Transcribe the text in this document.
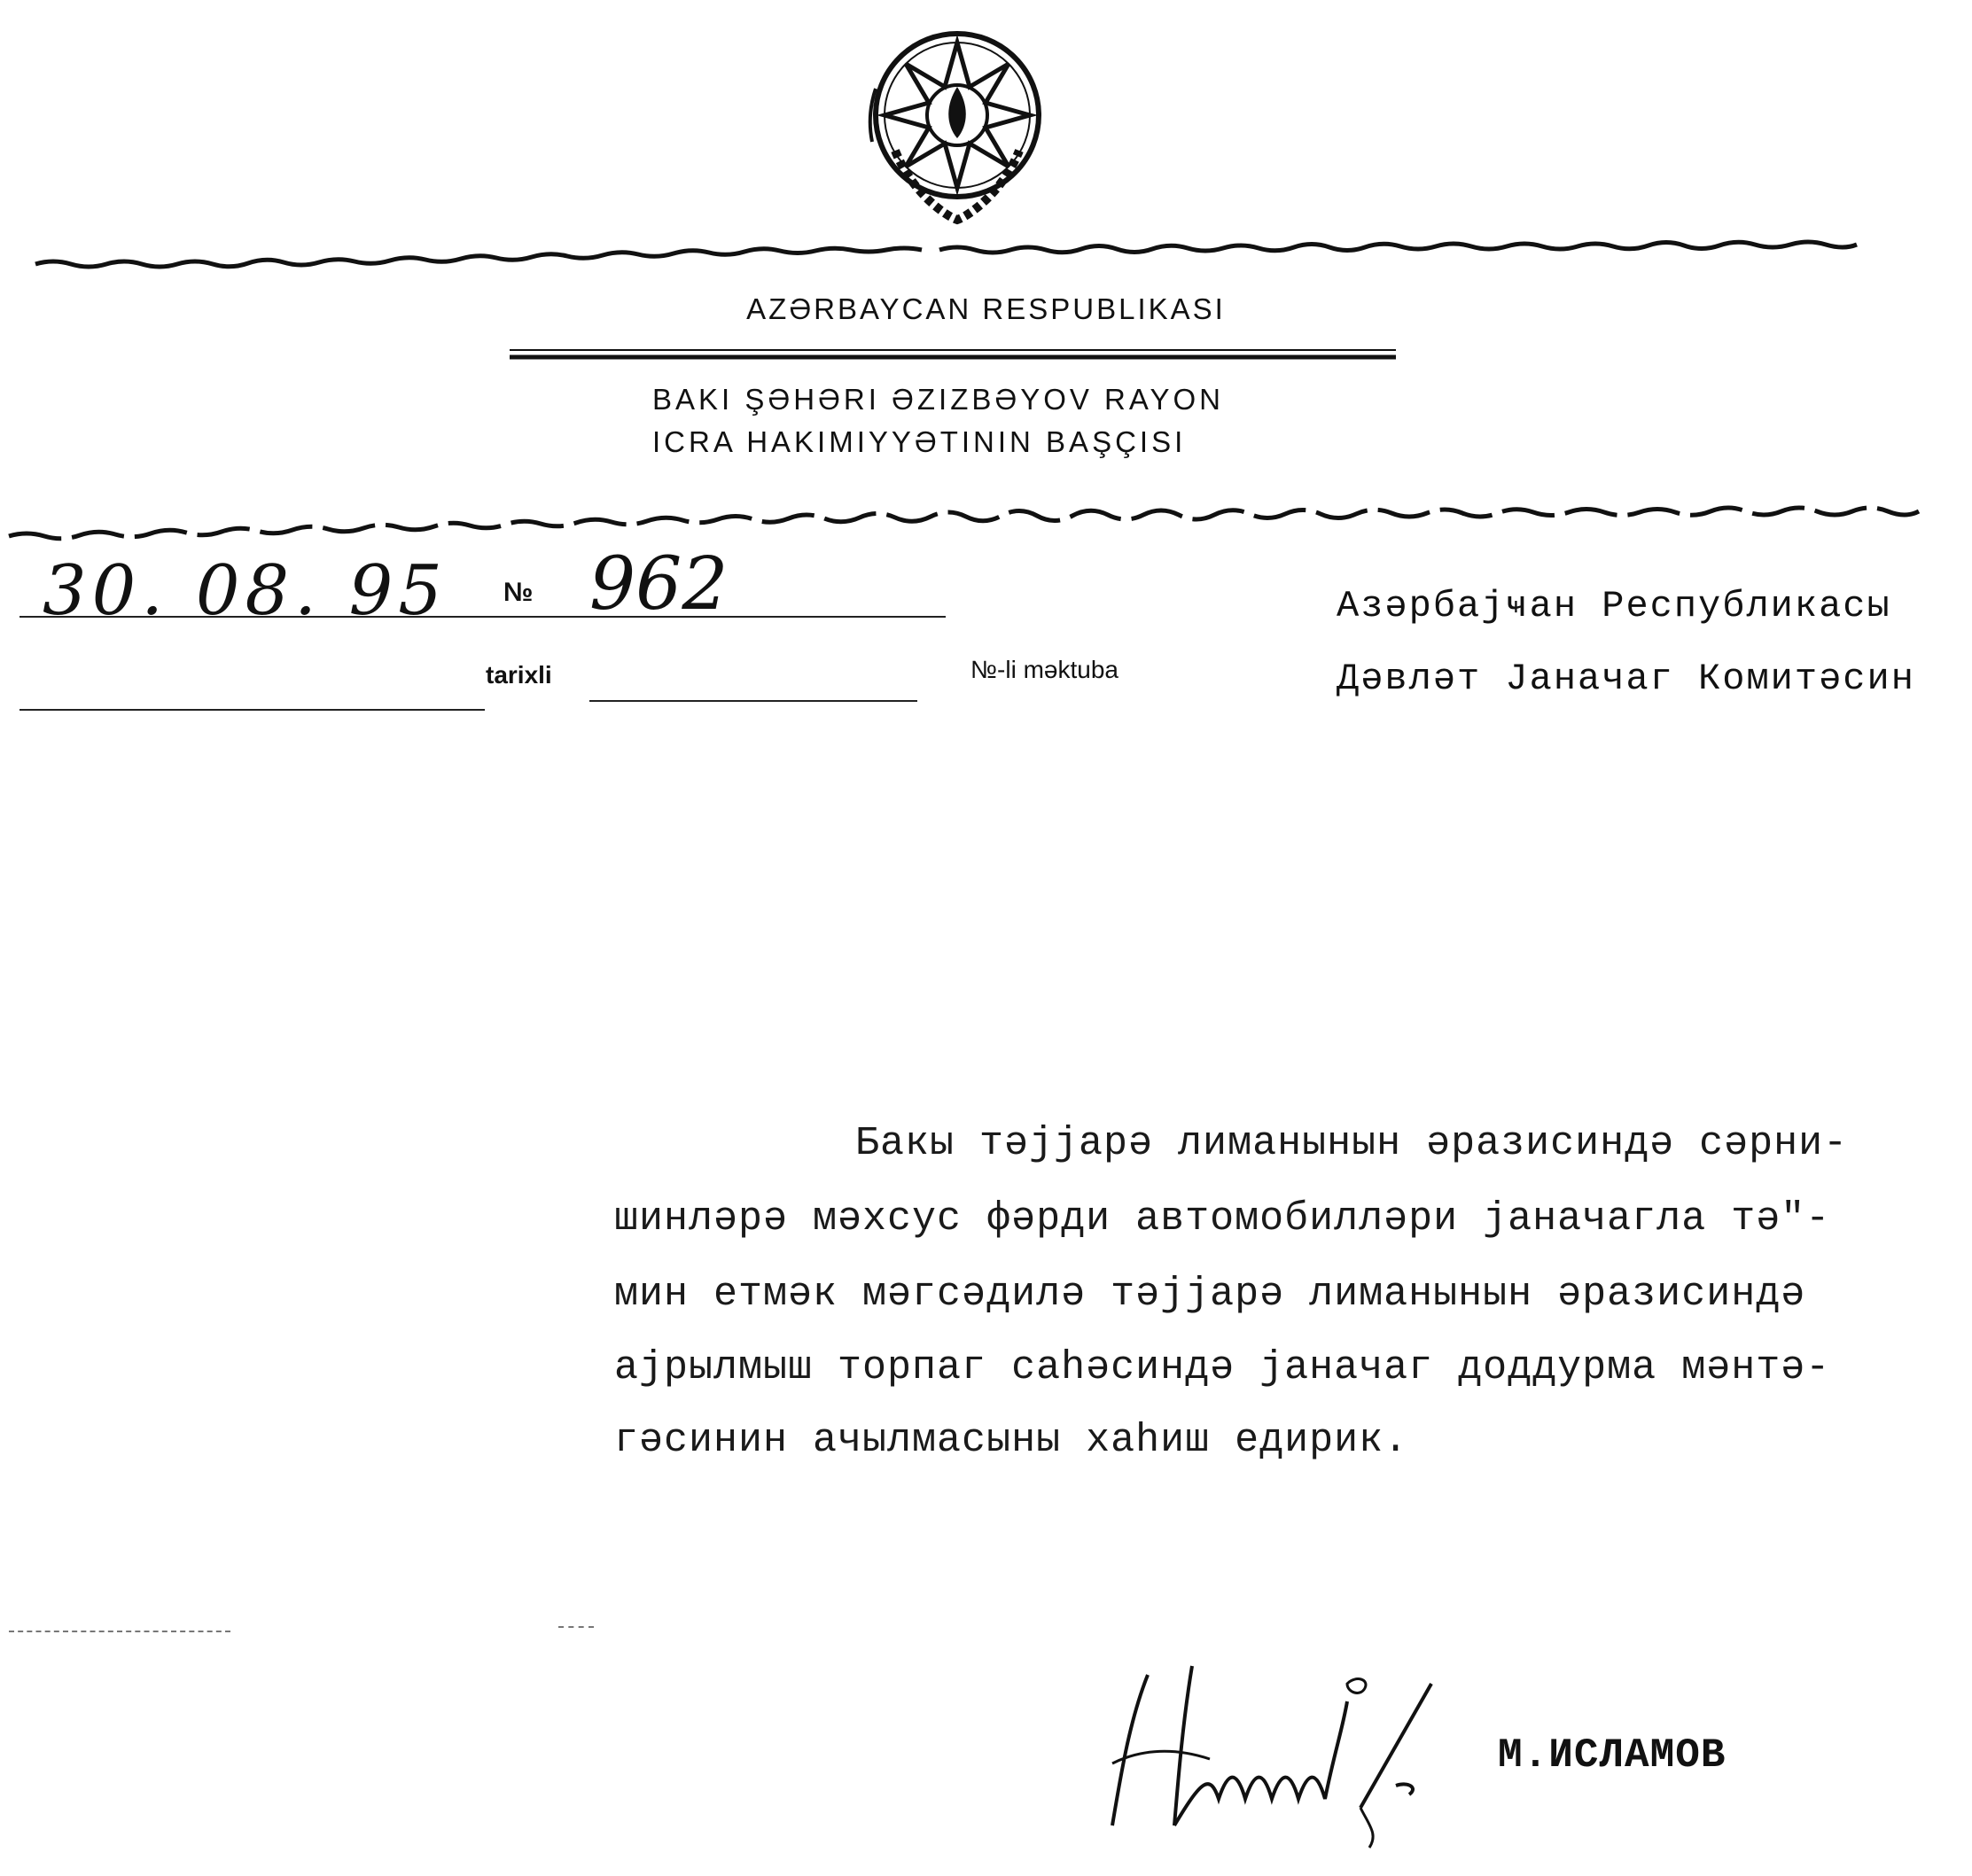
AZƏRBAYCAN RESPUBLIKASI
BAKI ŞƏHƏRI ƏZIZBƏYOV RAYON
ICRA HAKIMIYYƏTININ BAŞÇISI
30. 08. 95 № 962
tarixli	№-li məktuba
Азәрбаjҹан Республикасы
Дәвләт Јаначаг Комитәсин
Бакы тәјјарә лиманынын әразисиндә сәрни-
шинләрә мәхсус фәрди автомобилләри јаначагла тә"-
мин етмәк мәгсәдилә тәјјарә лиманынын әразисиндә
ајрылмыш торпаг саһәсиндә јаначаг доддурма мәнтә-
гәсинин ачылмасыны хаһиш едирик.
М.ИСЛАМОВ
